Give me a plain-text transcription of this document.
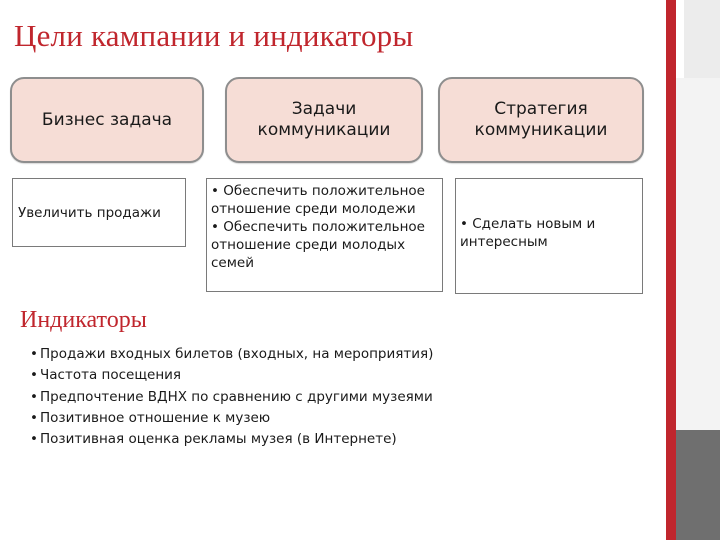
Цели кампании и индикаторы
Бизнес задача
Задачи
коммуникации
Стратегия
коммуникации
Увеличить продажи
• Обеспечить положительное
отношение среди молодежи
• Обеспечить положительное
отношение среди молодых
семей
• Сделать новым и
интересным
Индикаторы
• Продажи входных билетов (входных, на мероприятия)
• Частота посещения
• Предпочтение ВДНХ по сравнению с другими музеями
• Позитивное отношение к музею
• Позитивная оценка рекламы музея (в Интернете)
